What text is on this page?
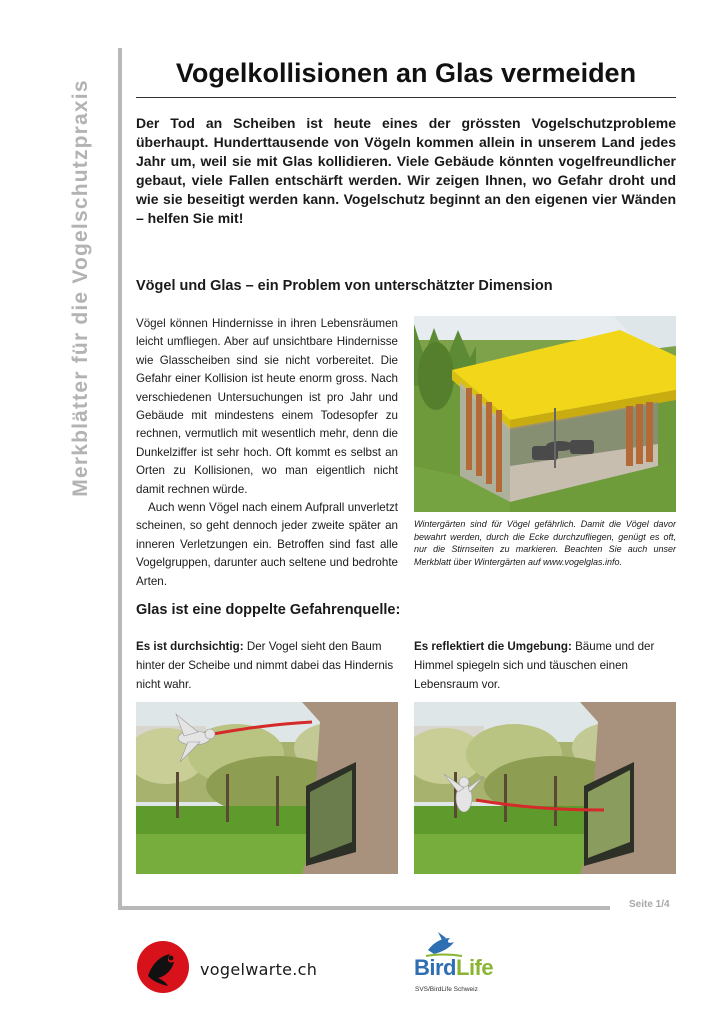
Merkblätter für die Vogelschutzpraxis
Vogelkollisionen an Glas vermeiden
Der Tod an Scheiben ist heute eines der grössten Vogelschutzprobleme überhaupt. Hunderttausende von Vögeln kommen allein in unserem Land jedes Jahr um, weil sie mit Glas kollidieren. Viele Gebäude könnten vogelfreundlicher gebaut, viele Fallen entschärft werden. Wir zeigen Ihnen, wo Gefahr droht und wie sie beseitigt werden kann. Vogelschutz beginnt an den eigenen vier Wänden – helfen Sie mit!
Vögel und Glas – ein Problem von unterschätzter Dimension

Vögel können Hindernisse in ihren Lebensräumen leicht umfliegen. Aber auf unsichtbare Hindernisse wie Glasscheiben sind sie nicht vorbereitet. Die Gefahr einer Kollision ist heute enorm gross. Nach verschiedenen Untersuchungen ist pro Jahr und Gebäude mit mindestens einem Todesopfer zu rechnen, vermutlich mit wesentlich mehr, denn die Dunkelziffer ist sehr hoch. Oft kommt es selbst an Orten zu Kollisionen, wo man eigentlich nicht damit rechnen würde.

Auch wenn Vögel nach einem Aufprall unverletzt scheinen, so geht dennoch jeder zweite später an inneren Verletzungen ein. Betroffen sind fast alle Vogelgruppen, darunter auch seltene und bedrohte Arten.

Wintergärten sind für Vögel gefährlich. Damit die Vögel davor bewahrt werden, durch die Ecke durchzufliegen, genügt es oft, nur die Stirnseiten zu markieren. Beachten Sie auch unser Merkblatt über Wintergärten auf www.vogelglas.info.
Glas ist eine doppelte Gefahrenquelle:
Es ist durchsichtig: Der Vogel sieht den Baum hinter der Scheibe und nimmt dabei das Hindernis nicht wahr.
Es reflektiert die Umgebung: Bäume und der Himmel spiegeln sich und täuschen einen Lebensraum vor.
Seite 1/4
vogelwarte.ch	BirdLife
SVS/BirdLife Schweiz
